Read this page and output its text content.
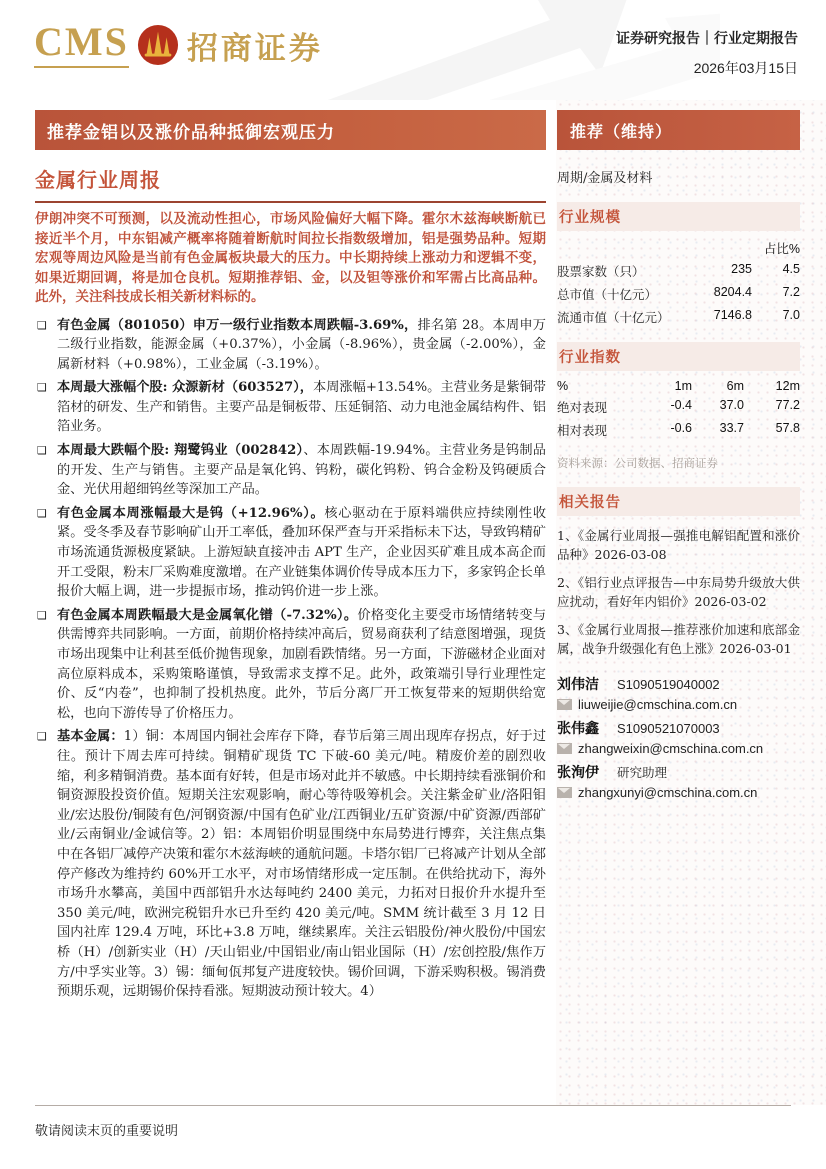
CMS 招商证券	证券研究报告｜行业定期报告
2026年03月15日
推荐金铝以及涨价品种抵御宏观压力
金属行业周报

伊朗冲突不可预测，以及流动性担心，市场风险偏好大幅下降。霍尔木兹海峡断航已接近半个月，中东铝减产概率将随着断航时间拉长指数级增加，铝是强势品种。短期宏观等周边风险是当前有色金属板块最大的压力。中长期持续上涨动力和逻辑不变，如果近期回调，将是加仓良机。短期推荐铝、金，以及钽等涨价和军需占比高品种。此外，关注科技成长相关新材料标的。

❑ 有色金属（801050）申万一级行业指数本周跌幅-3.69%，排名第 28。本周申万二级行业指数，能源金属（+0.37%），小金属（-8.96%），贵金属（-2.00%），金属新材料（+0.98%），工业金属（-3.19%）。
❑ 本周最大涨幅个股: 众源新材（603527），本周涨幅+13.54%。主营业务是紫铜带箔材的研发、生产和销售。主要产品是铜板带、压延铜箔、动力电池金属结构件、铝箔业务。
❑ 本周最大跌幅个股: 翔鹭钨业（002842）、本周跌幅-19.94%。主营业务是钨制品的开发、生产与销售。主要产品是氧化钨、钨粉，碳化钨粉、钨合金粉及钨硬质合金、光伏用超细钨丝等深加工产品。
❑ 有色金属本周涨幅最大是钨（+12.96%）。核心驱动在于原料端供应持续刚性收紧。受冬季及春节影响矿山开工率低，叠加环保严查与开采指标未下达，导致钨精矿市场流通货源极度紧缺。上游短缺直接冲击 APT 生产，企业因买矿难且成本高企而开工受限，粉末厂采购难度激增。在产业链集体调价传导成本压力下，多家钨企长单报价大幅上调，进一步提振市场，推动钨价进一步上涨。
❑ 有色金属本周跌幅最大是金属氧化镨（-7.32%）。价格变化主要受市场情绪转变与供需博弈共同影响。一方面，前期价格持续冲高后，贸易商获利了结意图增强，现货市场出现集中让利甚至低价抛售现象，加剧看跌情绪。另一方面，下游磁材企业面对高位原料成本，采购策略谨慎，导致需求支撑不足。此外，政策端引导行业理性定价、反“内卷”，也抑制了投机热度。此外，节后分离厂开工恢复带来的短期供给宽松，也向下游传导了价格压力。
❑ 基本金属：1）铜：本周国内铜社会库存下降，春节后第三周出现库存拐点，好于过往。预计下周去库可持续。铜精矿现货 TC 下破-60 美元/吨。精废价差的剧烈收缩，利多精铜消费。基本面有好转，但是市场对此并不敏感。中长期持续看涨铜价和铜资源股投资价值。短期关注宏观影响，耐心等待吸筹机会。关注紫金矿业/洛阳钼业/宏达股份/铜陵有色/河钢资源/中国有色矿业/江西铜业/五矿资源/中矿资源/西部矿业/云南铜业/金诚信等。2）铝：本周铝价明显围绕中东局势进行博弈，关注焦点集中在各铝厂减停产决策和霍尔木兹海峡的通航问题。卡塔尔铝厂已将减产计划从全部停产修改为维持约 60%开工水平，对市场情绪形成一定压制。在供给扰动下，海外市场升水攀高，美国中西部铝升水达每吨约 2400 美元，力拓对日报价升水提升至 350 美元/吨，欧洲完税铝升水已升至约 420 美元/吨。SMM 统计截至 3 月 12 日国内社库 129.4 万吨，环比+3.8 万吨，继续累库。关注云铝股份/神火股份/中国宏桥（H）/创新实业（H）/天山铝业/中国铝业/南山铝业国际（H）/宏创控股/焦作万方/中孚实业等。3）锡：缅甸佤邦复产进度较快。锡价回调，下游采购积极。锡消费预期乐观，远期锡价保持看涨。短期波动预计较大。4）
推荐（维持）
周期/金属及材料
行业规模
占比%
股票家数（只）	235	4.5
总市值（十亿元）	8204.4	7.2
流通市值（十亿元）	7146.8	7.0
行业指数
%	1m	6m	12m
绝对表现	-0.4	37.0	77.2
相对表现	-0.6	33.7	57.8
资料来源：公司数据、招商证券
相关报告
1、《金属行业周报—强推电解铝配置和涨价品种》2026-03-08
2、《铝行业点评报告—中东局势升级放大供应扰动，看好年内铝价》2026-03-02
3、《金属行业周报—推荐涨价加速和底部金属，战争升级强化有色上涨》2026-03-01
刘伟洁 S1090519040002
liuweijie@cmschina.com.cn
张伟鑫 S1090521070003
zhangweixin@cmschina.com.cn
张洵伊 研究助理
zhangxunyi@cmschina.com.cn
敬请阅读末页的重要说明
